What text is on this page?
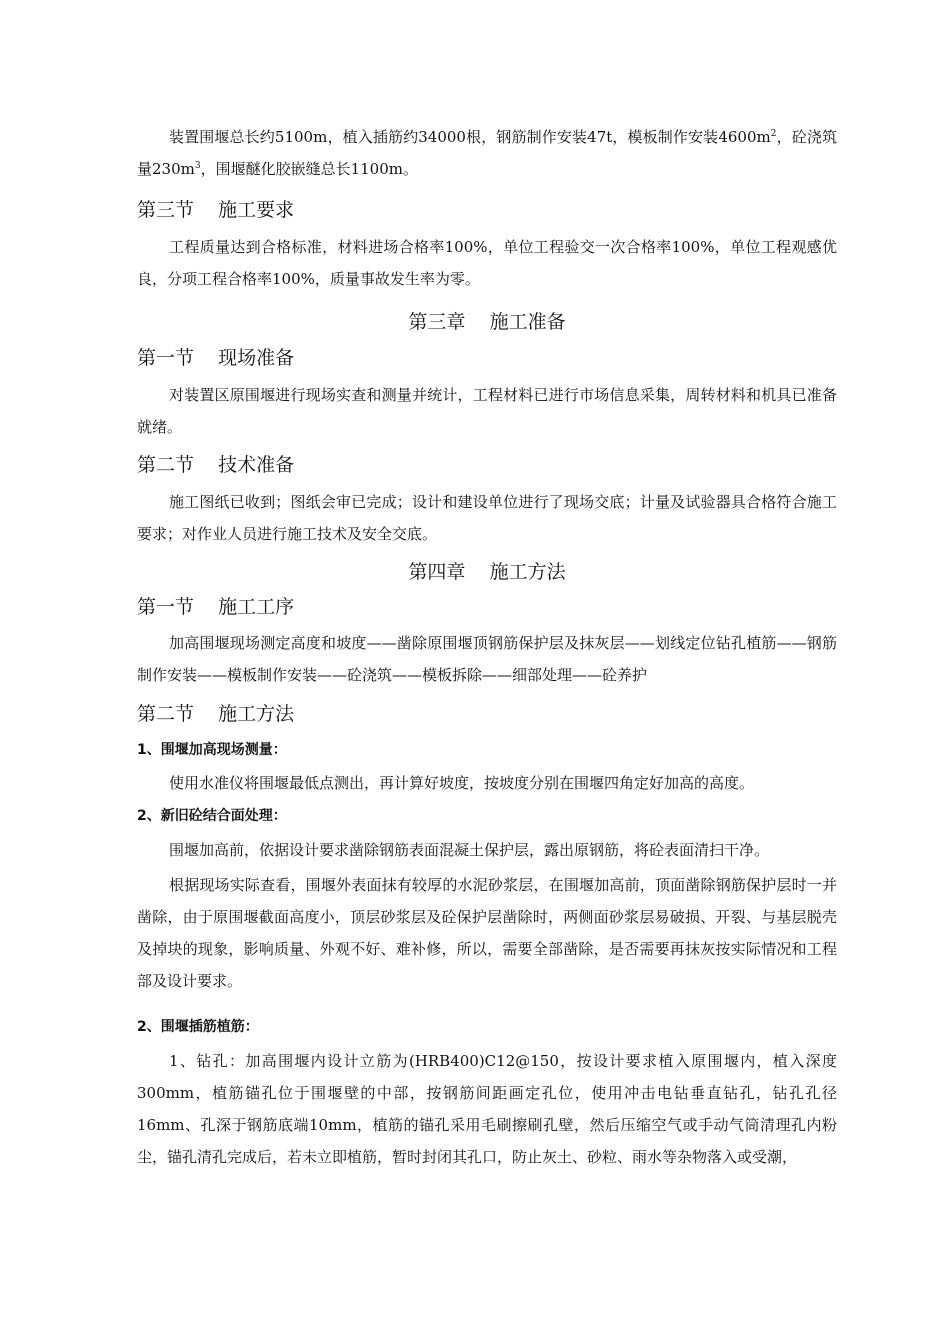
装置围堰总长约5100m，植入插筋约34000根，钢筋制作安装47t，模板制作安装$4600m^2$，砼浇筑量$230m^3$，围堰醚化胶嵌缝总长1100m。

第三节    施工要求

工程质量达到合格标准，材料进场合格率100%，单位工程验交一次合格率100%，单位工程观感优良，分项工程合格率100%，质量事故发生率为零。

第三章    施工准备
第一节    现场准备

对装置区原围堰进行现场实查和测量并统计，工程材料已进行市场信息采集，周转材料和机具已准备就绪。

第二节    技术准备

施工图纸已收到；图纸会审已完成；设计和建设单位进行了现场交底；计量及试验器具合格符合施工要求；对作业人员进行施工技术及安全交底。

第四章    施工方法
第一节    施工工序

加高围堰现场测定高度和坡度——凿除原围堰顶钢筋保护层及抹灰层——划线定位钻孔植筋——钢筋制作安装——模板制作安装——砼浇筑——模板拆除——细部处理——砼养护

第二节    施工方法
1、围堰加高现场测量：

使用水准仪将围堰最低点测出，再计算好坡度，按坡度分别在围堰四角定好加高的高度。

2、新旧砼结合面处理：

围堰加高前，依据设计要求凿除钢筋表面混凝土保护层，露出原钢筋，将砼表面清扫干净。

根据现场实际查看，围堰外表面抹有较厚的水泥砂浆层，在围堰加高前，顶面凿除钢筋保护层时一并凿除，由于原围堰截面高度小，顶层砂浆层及砼保护层凿除时，两侧面砂浆层易破损、开裂、与基层脱壳及掉块的现象，影响质量、外观不好、难补修，所以，需要全部凿除，是否需要再抹灰按实际情况和工程部及设计要求。

2、围堰插筋植筋：

1、钻孔：加高围堰内设计立筋为(HRB400)C12@150，按设计要求植入原围堰内，植入深度300mm，植筋锚孔位于围堰壁的中部，按钢筋间距画定孔位，使用冲击电钻垂直钻孔，钻孔孔径16mm、孔深于钢筋底端10mm，植筋的锚孔采用毛刷擦刷孔壁，然后压缩空气或手动气筒清理孔内粉尘，锚孔清孔完成后，若未立即植筋，暂时封闭其孔口，防止灰土、砂粒、雨水等杂物落入或受潮，
